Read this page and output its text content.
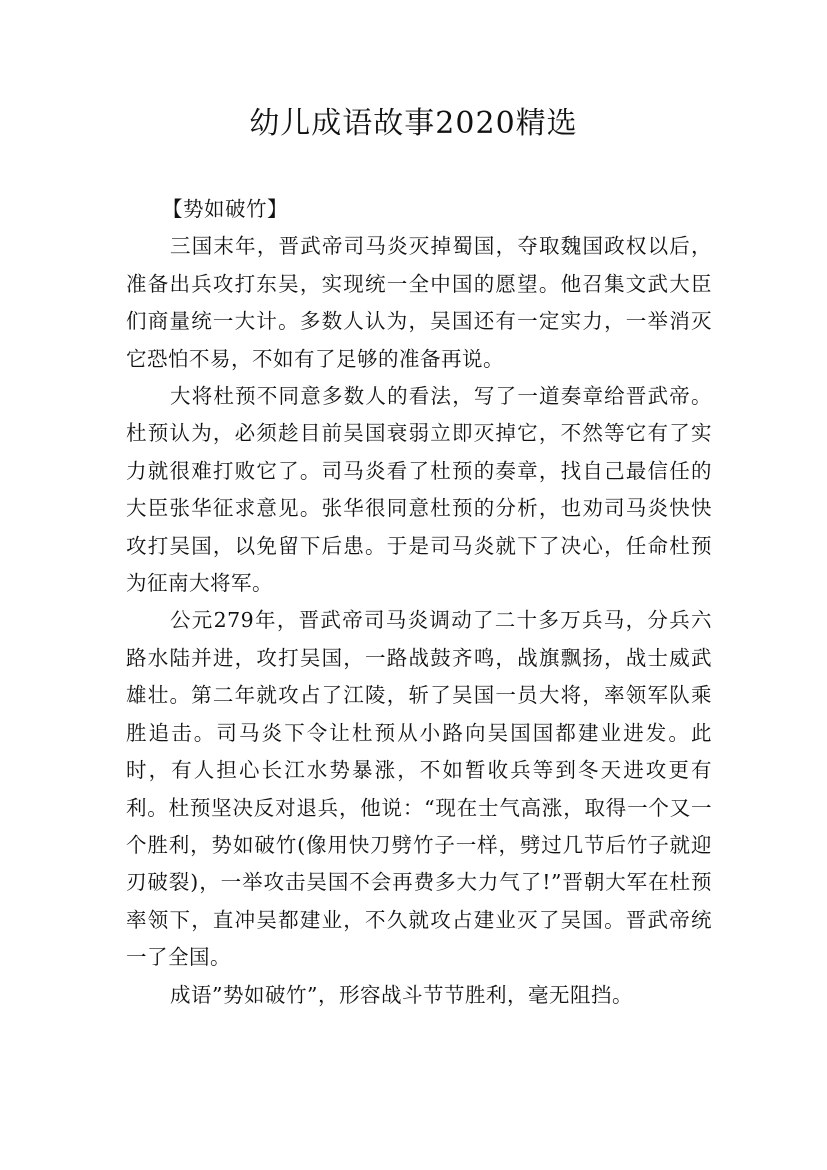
幼儿成语故事2020精选

【势如破竹】

三国末年，晋武帝司马炎灭掉蜀国，夺取魏国政权以后，准备出兵攻打东吴，实现统一全中国的愿望。他召集文武大臣们商量统一大计。多数人认为，吴国还有一定实力，一举消灭它恐怕不易，不如有了足够的准备再说。

大将杜预不同意多数人的看法，写了一道奏章给晋武帝。杜预认为，必须趁目前吴国衰弱立即灭掉它，不然等它有了实力就很难打败它了。司马炎看了杜预的奏章，找自己最信任的大臣张华征求意见。张华很同意杜预的分析，也劝司马炎快快攻打吴国，以免留下后患。于是司马炎就下了决心，任命杜预为征南大将军。

公元279年，晋武帝司马炎调动了二十多万兵马，分兵六路水陆并进，攻打吴国，一路战鼓齐鸣，战旗飘扬，战士威武雄壮。第二年就攻占了江陵，斩了吴国一员大将，率领军队乘胜追击。司马炎下令让杜预从小路向吴国国都建业进发。此时，有人担心长江水势暴涨，不如暂收兵等到冬天进攻更有利。杜预坚决反对退兵，他说：“现在士气高涨，取得一个又一个胜利，势如破竹(像用快刀劈竹子一样，劈过几节后竹子就迎刃破裂)，一举攻击吴国不会再费多大力气了!”晋朝大军在杜预率领下，直冲吴都建业，不久就攻占建业灭了吴国。晋武帝统一了全国。

成语”势如破竹”，形容战斗节节胜利，毫无阻挡。
